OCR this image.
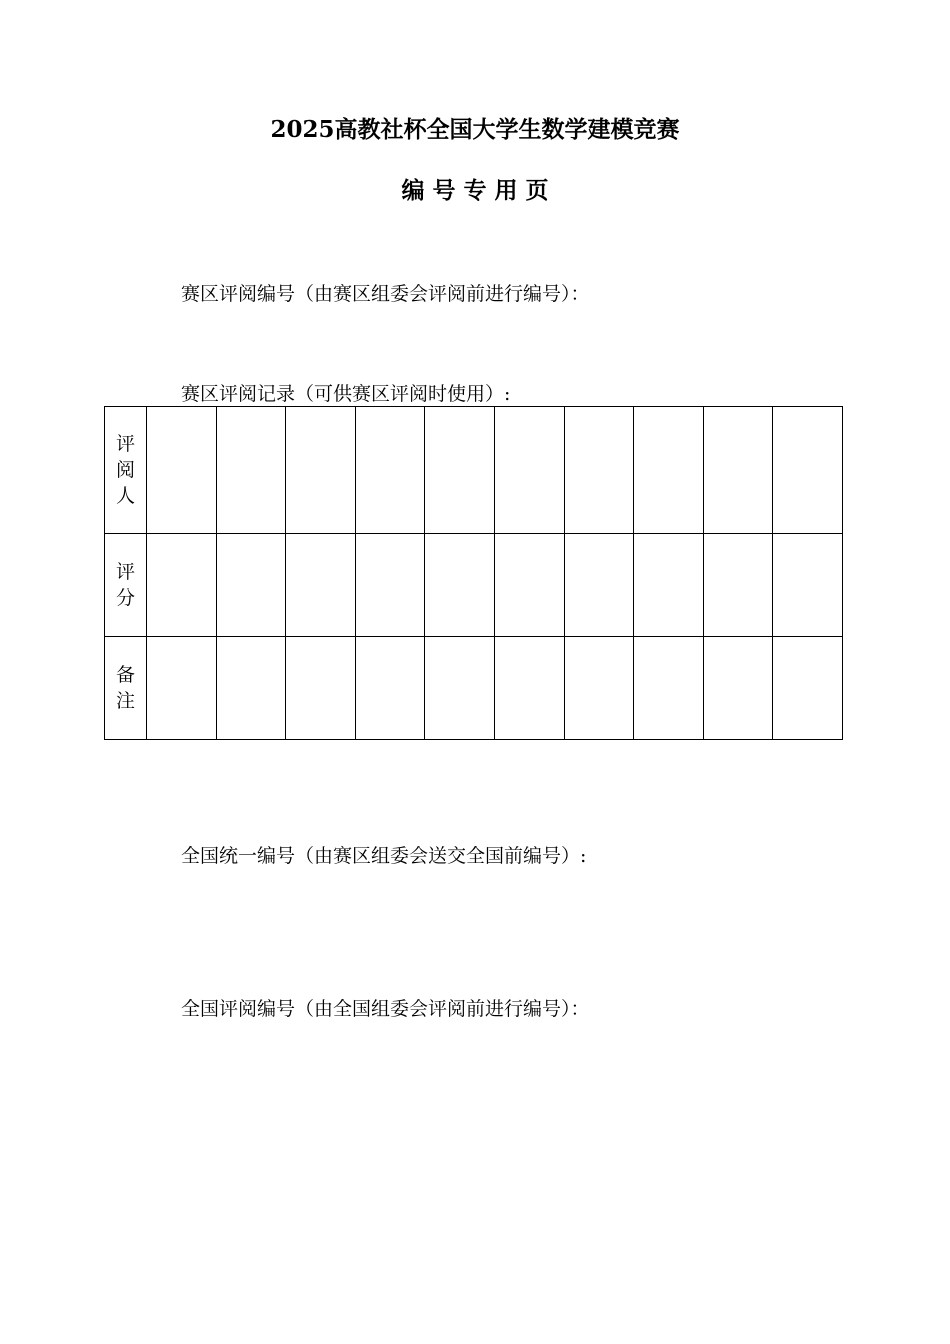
2025高教社杯全国大学生数学建模竞赛
编号专用页
赛区评阅编号（由赛区组委会评阅前进行编号）：
赛区评阅记录（可供赛区评阅时使用）:
评阅人										
评分										
备注										
全国统一编号（由赛区组委会送交全国前编号）:
全国评阅编号（由全国组委会评阅前进行编号）：
